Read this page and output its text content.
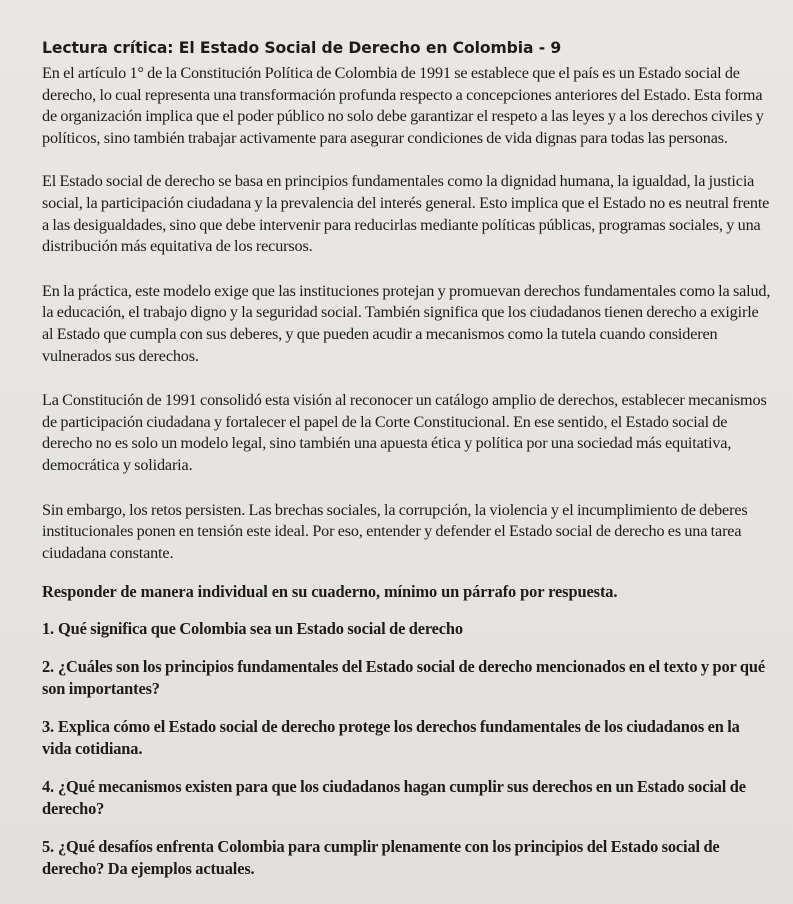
Lectura crítica: El Estado Social de Derecho en Colombia - 9

En el artículo 1° de la Constitución Política de Colombia de 1991 se establece que el país es un Estado social de derecho, lo cual representa una transformación profunda respecto a concepciones anteriores del Estado. Esta forma de organización implica que el poder público no solo debe garantizar el respeto a las leyes y a los derechos civiles y políticos, sino también trabajar activamente para asegurar condiciones de vida dignas para todas las personas.

El Estado social de derecho se basa en principios fundamentales como la dignidad humana, la igualdad, la justicia social, la participación ciudadana y la prevalencia del interés general. Esto implica que el Estado no es neutral frente a las desigualdades, sino que debe intervenir para reducirlas mediante políticas públicas, programas sociales, y una distribución más equitativa de los recursos.

En la práctica, este modelo exige que las instituciones protejan y promuevan derechos fundamentales como la salud, la educación, el trabajo digno y la seguridad social. También significa que los ciudadanos tienen derecho a exigirle al Estado que cumpla con sus deberes, y que pueden acudir a mecanismos como la tutela cuando consideren vulnerados sus derechos.

La Constitución de 1991 consolidó esta visión al reconocer un catálogo amplio de derechos, establecer mecanismos de participación ciudadana y fortalecer el papel de la Corte Constitucional. En ese sentido, el Estado social de derecho no es solo un modelo legal, sino también una apuesta ética y política por una sociedad más equitativa, democrática y solidaria.

Sin embargo, los retos persisten. Las brechas sociales, la corrupción, la violencia y el incumplimiento de deberes institucionales ponen en tensión este ideal. Por eso, entender y defender el Estado social de derecho es una tarea ciudadana constante.

Responder de manera individual en su cuaderno, mínimo un párrafo por respuesta.

1. Qué significa que Colombia sea un Estado social de derecho

2. ¿Cuáles son los principios fundamentales del Estado social de derecho mencionados en el texto y por qué son importantes?

3. Explica cómo el Estado social de derecho protege los derechos fundamentales de los ciudadanos en la vida cotidiana.

4. ¿Qué mecanismos existen para que los ciudadanos hagan cumplir sus derechos en un Estado social de derecho?

5. ¿Qué desafíos enfrenta Colombia para cumplir plenamente con los principios del Estado social de derecho? Da ejemplos actuales.
